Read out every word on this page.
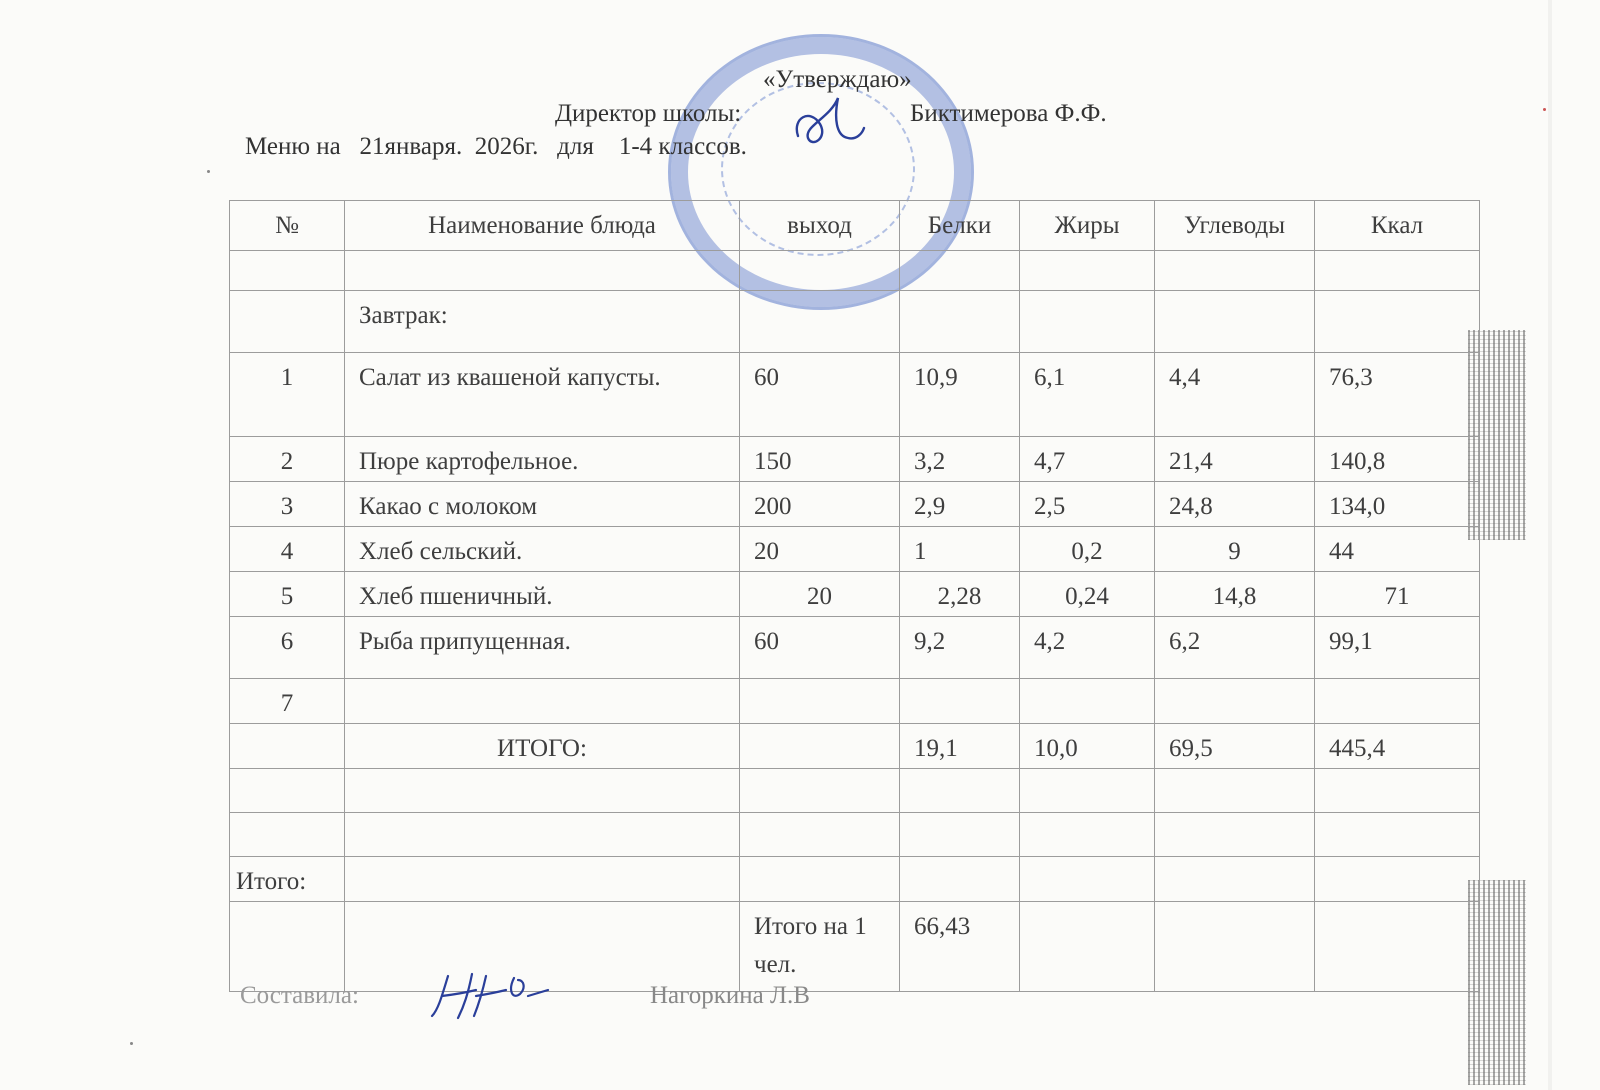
«Утверждаю»
Директор школы:	Биктимерова Ф.Ф.
Меню на   21января.  2026г.   для    1-4 классов.
№	Наименование блюда	выход	Белки	Жиры	Углеводы	Ккал

	Завтрак:					
1	Салат из квашеной капусты.	60	10,9	6,1	4,4	76,3
2	Пюре картофельное.	150	3,2	4,7	21,4	140,8
3	Какао с молоком	200	2,9	2,5	24,8	134,0
4	Хлеб сельский.	20	1	0,2	9	44
5	Хлеб пшеничный.	20	2,28	0,24	14,8	71
6	Рыба припущенная.	60	9,2	4,2	6,2	99,1
7						
	ИТОГО:		19,1	10,0	69,5	445,4

Итого:						
		Итого на 1 чел.	66,43			
Составила:	Нагоркина Л.В
